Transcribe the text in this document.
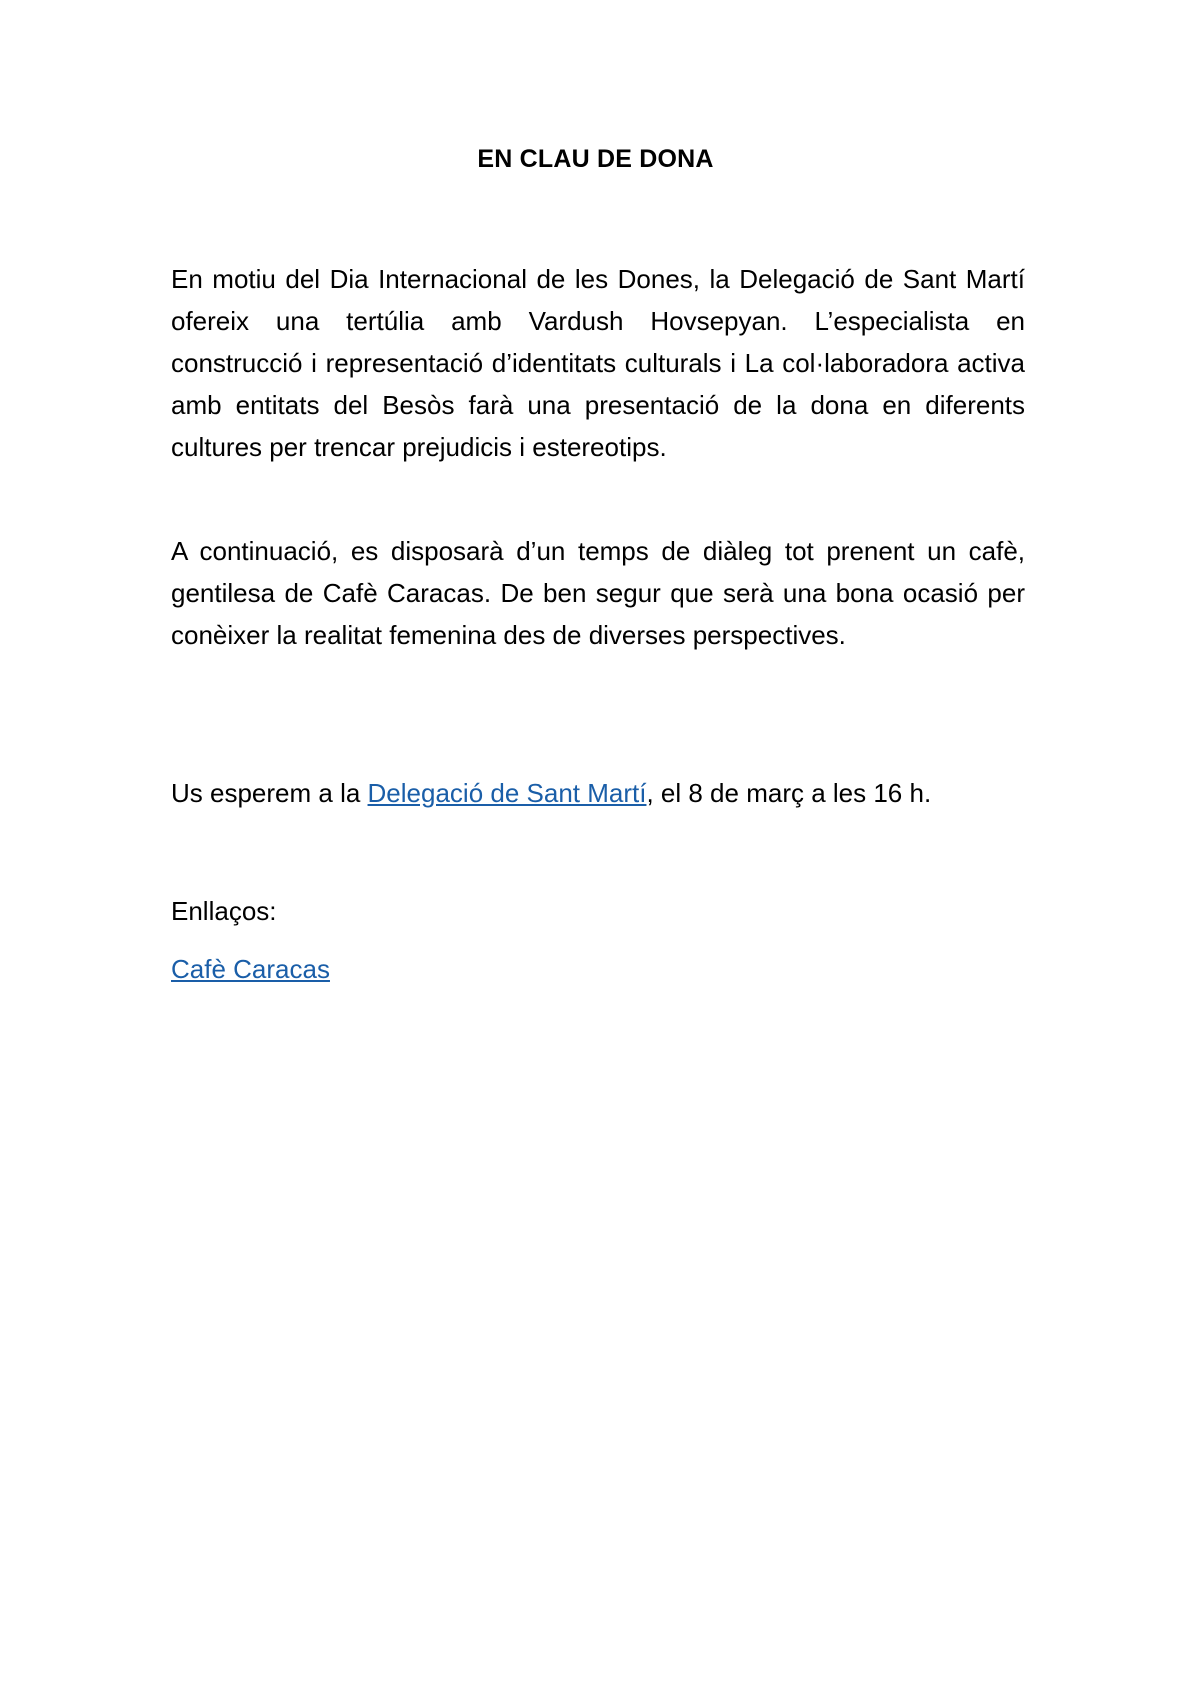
EN CLAU DE DONA

En motiu del Dia Internacional de les Dones, la Delegació de Sant Martí ofereix una tertúlia amb Vardush Hovsepyan. L’especialista en construcció i representació d’identitats culturals i La col·laboradora activa amb entitats del Besòs farà una presentació de la dona en diferents cultures per trencar prejudicis i estereotips.

A continuació, es disposarà d’un temps de diàleg tot prenent un cafè, gentilesa de Cafè Caracas. De ben segur que serà una bona ocasió per conèixer la realitat femenina des de diverses perspectives.

Us esperem a la Delegació de Sant Martí, el 8 de març a les 16 h.

Enllaços:

Cafè Caracas
